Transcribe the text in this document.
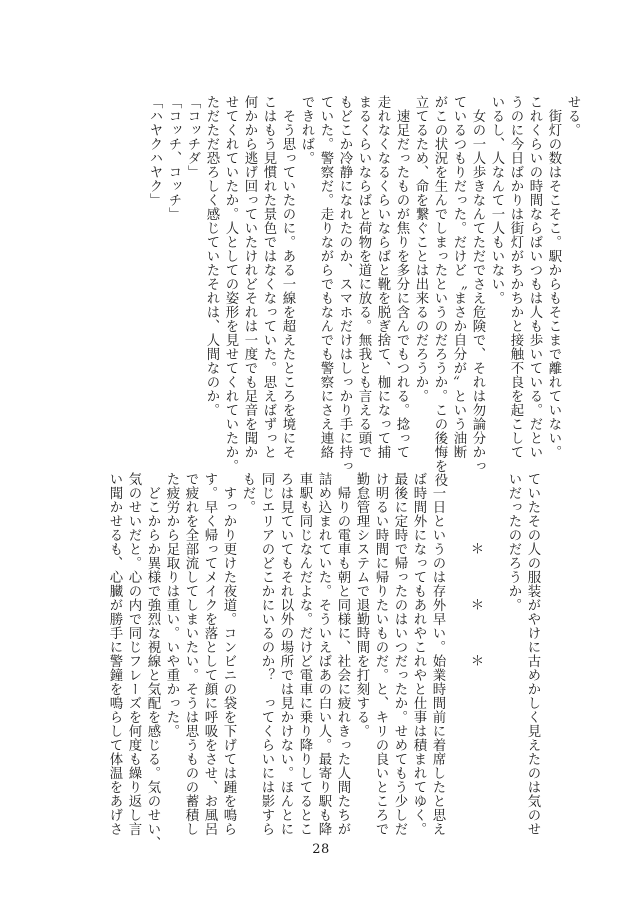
せる。
　街灯の数はそこそこ。駅からもそこまで離れていない。
これくらいの時間ならばいつもは人も歩いている。だとい
うのに今日ばかりは街灯がちかちかと接触不良を起こして
いるし、人なんて一人もいない。
　女の一人歩きなんてただでさえ危険で、それは勿論分かっ
ているつもりだった。だけど〝まさか自分が〟という油断
がこの状況を生んでしまったというのだろうか。この後悔を役
立てるため、命を繋ぐことは出来るのだろうか。
　速足だったものが焦りを多分に含んでもつれる。捻って
走れなくなるくらいならばと靴を脱ぎ捨て、枷になって捕
まるくらいならばと荷物を道に放る。無我とも言える頭で
もどこか冷静になれたのか、スマホだけはしっかり手に持っ
ていた。警察だ。走りながらでもなんでも警察にさえ連絡
できれば。
　そう思っていたのに。ある一線を超えたところを境にそ
こはもう見慣れた景色ではなくなっていた。思えばずっと
何かから逃げ回っていたけれどそれは一度でも足音を聞か
せてくれていたか。人としての姿形を見せてくれていたか。
ただただ恐ろしく感じていたそれは、人間なのか。
「コッチダ」
「コッチ、コッチ」
「ハヤクハヤク」
ていたその人の服装がやけに古めかしく見えたのは気のせ
いだったのだろうか。

　　　　　＊　　　＊　　　＊

　一日というのは存外早い。始業時間前に着席したと思え
ば時間外になってもあれやこれやと仕事は積まれてゆく。
最後に定時で帰ったのはいつだったか。せめてもう少しだ
け明るい時間に帰りたいものだ。と、キリの良いところで
勤怠管理システムで退勤時間を打刻する。
　帰りの電車も朝と同様に、社会に疲れきった人間たちが
詰め込まれていた。そういえばあの白い人。最寄り駅も降
車駅も同じなんだよな。だけど電車に乗り降りしてるとこ
ろは見ていてもそれ以外の場所では見かけない。ほんとに
同じエリアのどこかにいるのか？　ってくらいには影すら
もだ。
　すっかり更けた夜道。コンビニの袋を下げては踵を鳴ら
す。早く帰ってメイクを落として顔に呼吸をさせ、お風呂
で疲れを全部流してしまいたい。そうは思うものの蓄積し
た疲労から足取りは重い。いや重かった。
　どこからか異様で強烈な視線と気配を感じる。気のせい、
気のせいだと。心の内で同じフレーズを何度も繰り返し言
い聞かせるも、心臓が勝手に警鐘を鳴らして体温をあげさ
28
